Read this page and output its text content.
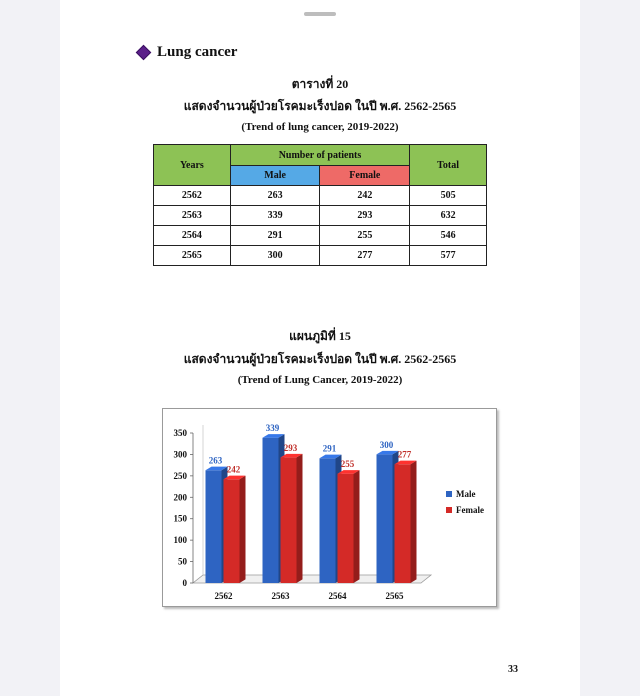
Lung cancer
ตารางที่ 20
แสดงจำนวนผู้ป่วยโรคมะเร็งปอด ในปี พ.ศ. 2562-2565
(Trend of lung cancer, 2019-2022)
Years	Number of patients		Total
	Male	Female	
2562	263	242	505
2563	339	293	632
2564	291	255	546
2565	300	277	577
แผนภูมิที่ 15
แสดงจำนวนผู้ป่วยโรคมะเร็งปอด ในปี พ.ศ. 2562-2565
(Trend of Lung Cancer, 2019-2022)
0
50
100
150
200
250
300
350
2562
263
242
2563
339
293
2564
291
255
2565
300
277
Male
Female
33
